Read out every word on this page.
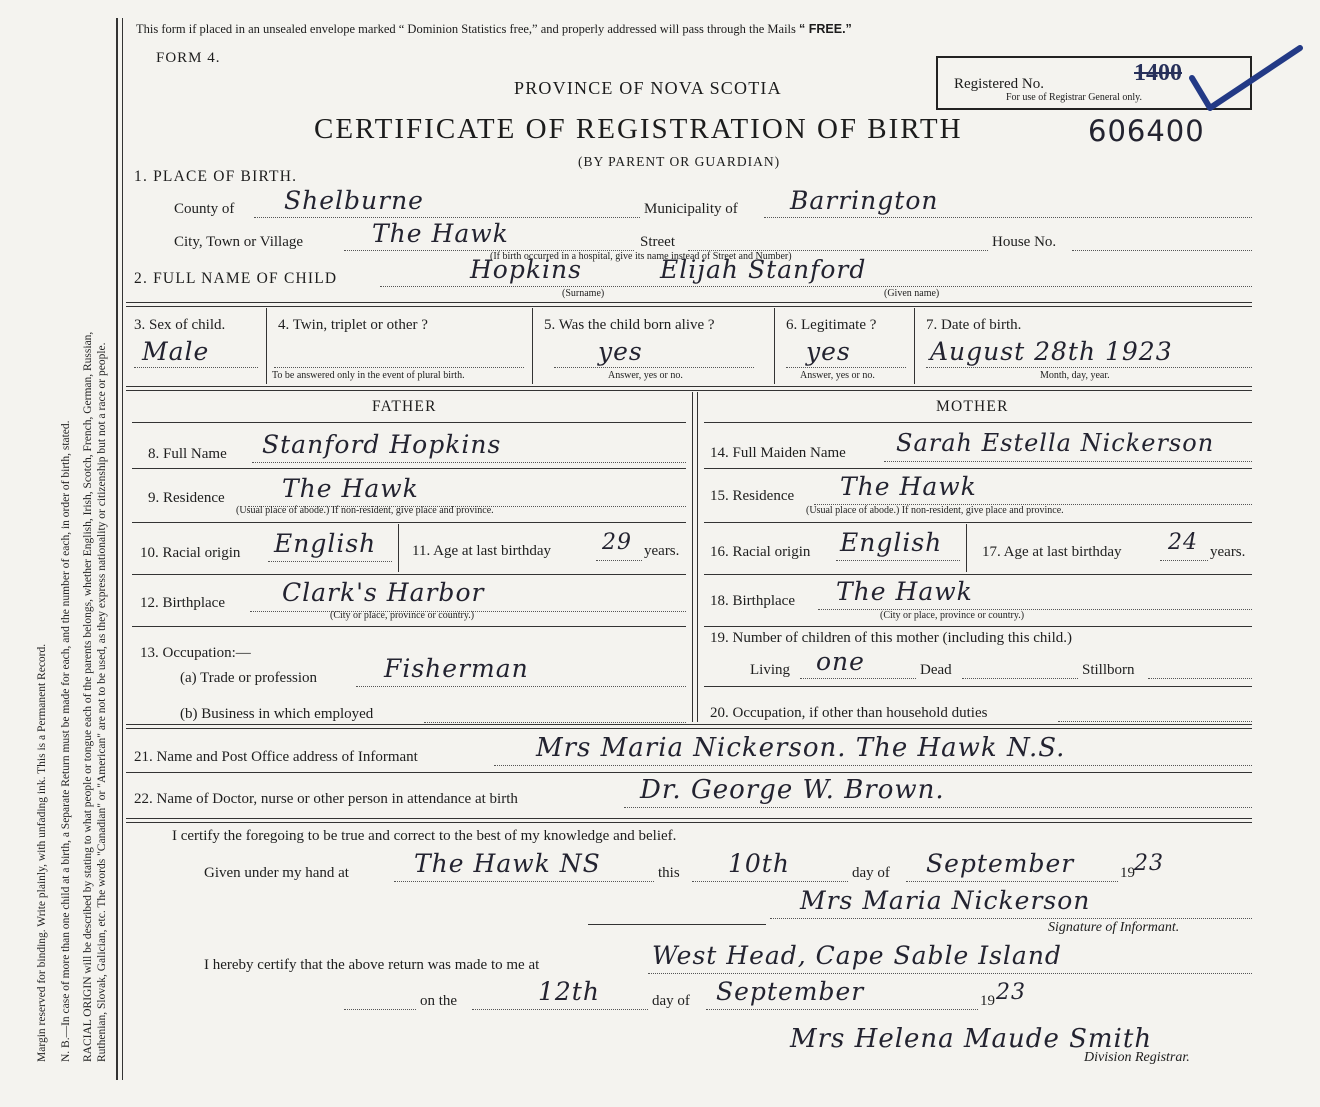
Margin reserved for binding. Write plainly, with unfading ink. This is a Permanent Record. N. B.—In case of more than one child at a birth, a Separate Return must be made for each, and the number of each, in order of birth, stated. RACIAL ORIGIN will be described by stating to what people or tongue each of the parents belongs, whether English, Irish, Scotch, French, German, Russian, Ruthenian, Slovak, Galician, etc. The words "Canadian" or "American" are not to be used, as they express nationality or citizenship but not a race or people.
This form if placed in an unsealed envelope marked “ Dominion Statistics free,” and properly addressed will pass through the Mails “ FREE.”
FORM 4.
PROVINCE OF NOVA SCOTIA	Registered No.	1400
For use of Registrar General only.
CERTIFICATE OF REGISTRATION OF BIRTH	606400
(BY PARENT OR GUARDIAN)
1. PLACE OF BIRTH.
County of Shelburne	Municipality of Barrington
City, Town or Village	The Hawk	Street	House No.
(If birth occurred in a hospital, give its name instead of Street and Number)
2. FULL NAME OF CHILD	Hopkins	Elijah Stanford
(Surname)	(Given name)
3. Sex of child.
Male
4. Twin, triplet or other ?
To be answered only in the event of plural birth.
5. Was the child born alive ?
yes
Answer, yes or no.
6. Legitimate ?
yes
Answer, yes or no.
7. Date of birth.
August 28th 1923
Month, day, year.
FATHER	MOTHER
8. Full Name Stanford Hopkins
9. Residence The Hawk
(Usual place of abode.) If non-resident, give place and province.
10. Racial origin English 11. Age at last birthday 29 years.
12. Birthplace Clark's Harbor
(City or place, province or country.)
13. Occupation:—
(a) Trade or profession	Fisherman
(b) Business in which employed
14. Full Maiden Name Sarah Estella Nickerson
15. Residence The Hawk
(Usual place of abode.) If non-resident, give place and province.
16. Racial origin English	17. Age at last birthday 24 years.
18. Birthplace The Hawk
(City or place, province or country.)
19. Number of children of this mother (including this child.)
Living one	Dead	Stillborn
20. Occupation, if other than household duties
21. Name and Post Office address of Informant	Mrs Maria Nickerson. The Hawk N.S.
22. Name of Doctor, nurse or other person in attendance at birth	Dr. George W. Brown.
I certify the foregoing to be true and correct to the best of my knowledge and belief.
Given under my hand at	The Hawk NS	this 10th	day of September	19 23
Mrs Maria Nickerson
Signature of Informant.
I hereby certify that the above return was made to me at	West Head, Cape Sable Island
on the	12th	day of September	19 23
Mrs Helena Maude Smith
Division Registrar.
